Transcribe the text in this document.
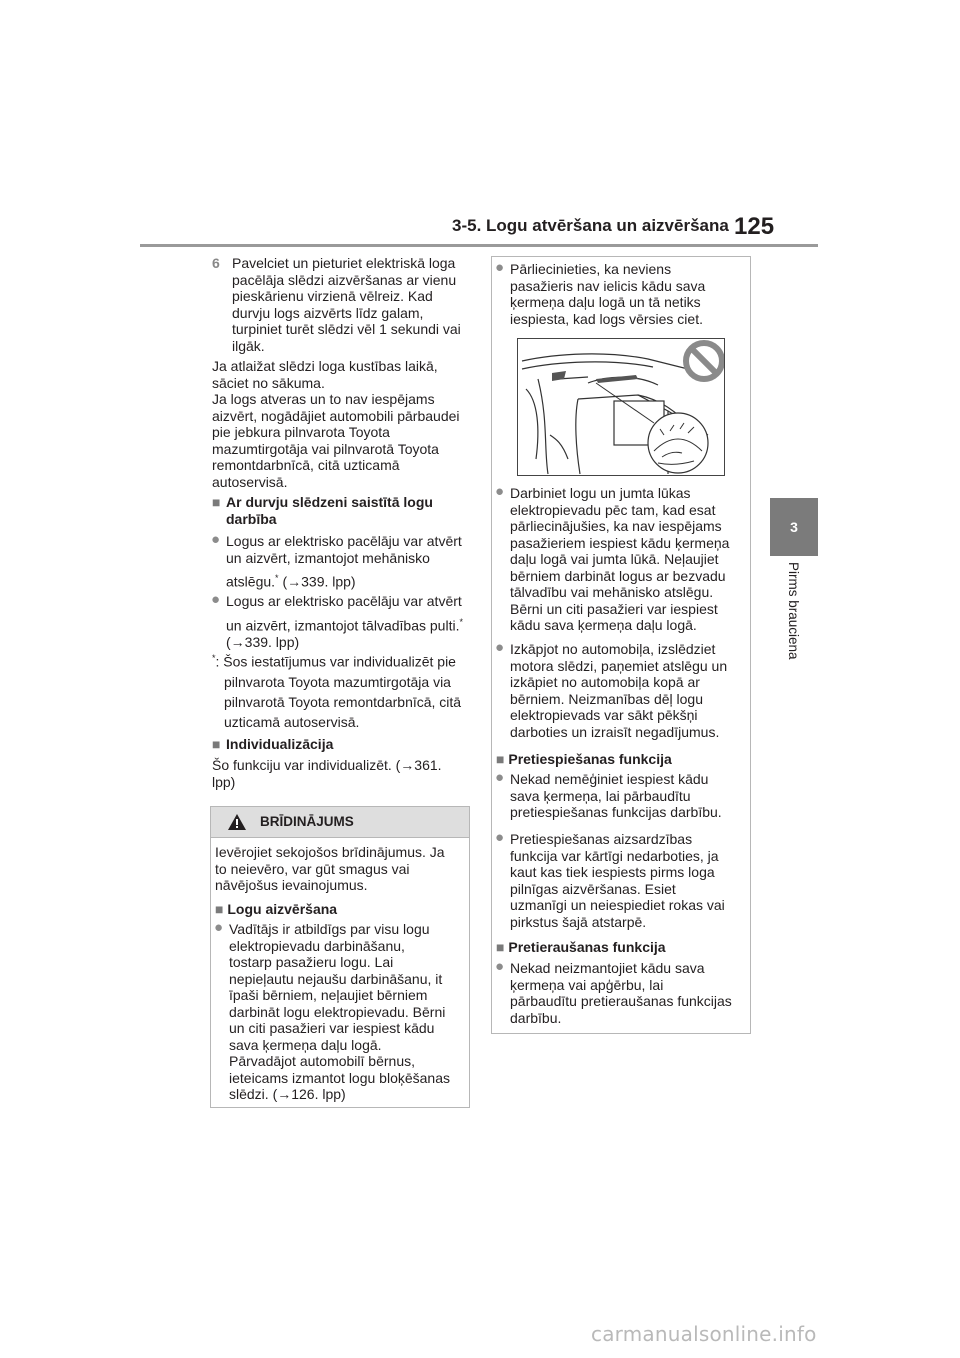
3-5. Logu atvēršana un aizvēršana 125
3
Pirms brauciena
6 Pavelciet un pieturiet elektriskā loga
pacēlāja slēdzi aizvēršanas ar vienu
pieskārienu virzienā vēlreiz. Kad
durvju logs aizvērts līdz galam,
turpiniet turēt slēdzi vēl 1 sekundi vai
ilgāk.
Ja atlaižat slēdzi loga kustības laikā,
sāciet no sākuma.
Ja logs atveras un to nav iespējams
aizvērt, nogādājiet automobili pārbaudei
pie jebkura pilnvarota Toyota
mazumtirgotāja vai pilnvarotā Toyota
remontdarbnīcā, citā uzticamā
autoservisā.
■ Ar durvju slēdzeni saistītā logu
darbība
● Logus ar elektrisko pacēlāju var atvērt
un aizvērt, izmantojot mehānisko
atslēgu.* (→339. lpp)
● Logus ar elektrisko pacēlāju var atvērt
un aizvērt, izmantojot tālvadības pulti.*
(→339. lpp)
*: Šos iestatījumus var individualizēt pie
pilnvarota Toyota mazumtirgotāja via
pilnvarotā Toyota remontdarbnīcā, citā
uzticamā autoservisā.
■ Individualizācija
Šo funkciju var individualizēt. (→361.
lpp)
BRĪDINĀJUMS
Ievērojiet sekojošos brīdinājumus. Ja
to neievēro, var gūt smagus vai
nāvējošus ievainojumus.
■ Logu aizvēršana
● Vadītājs ir atbildīgs par visu logu
elektropievadu darbināšanu,
tostarp pasažieru logu. Lai
nepieļautu nejaušu darbināšanu, it
īpaši bērniem, neļaujiet bērniem
darbināt logu elektropievadu. Bērni
un citi pasažieri var iespiest kādu
sava ķermeņa daļu logā.
Pārvadājot automobilī bērnus,
ieteicams izmantot logu bloķēšanas
slēdzi. (→126. lpp)
● Pārliecinieties, ka neviens
pasažieris nav ielicis kādu sava
ķermeņa daļu logā un tā netiks
iespiesta, kad logs vērsies ciet.
● Darbiniet logu un jumta lūkas
elektropievadu pēc tam, kad esat
pārliecinājušies, ka nav iespējams
pasažieriem iespiest kādu ķermeņa
daļu logā vai jumta lūkā. Neļaujiet
bērniem darbināt logus ar bezvadu
tālvadību vai mehānisko atslēgu.
Bērni un citi pasažieri var iespiest
kādu sava ķermeņa daļu logā.
● Izkāpjot no automobiļa, izslēdziet
motora slēdzi, paņemiet atslēgu un
izkāpiet no automobiļa kopā ar
bērniem. Neizmanības dēļ logu
elektropievads var sākt pēkšņi
darboties un izraisīt negadījumus.
■ Pretiespiešanas funkcija
● Nekad nemēģiniet iespiest kādu
sava ķermeņa, lai pārbaudītu
pretiespiešanas funkcijas darbību.
● Pretiespiešanas aizsardzības
funkcija var kārtīgi nedarboties, ja
kaut kas tiek iespiests pirms loga
pilnīgas aizvēršanas. Esiet
uzmanīgi un neiespiediet rokas vai
pirkstus šajā atstarpē.
■ Pretierаušanas funkcija
● Nekad neizmantojiet kādu sava
ķermeņa vai apģērbu, lai
pārbaudītu pretierаušanas funkcijas
darbību.
carmanualsonline.info
